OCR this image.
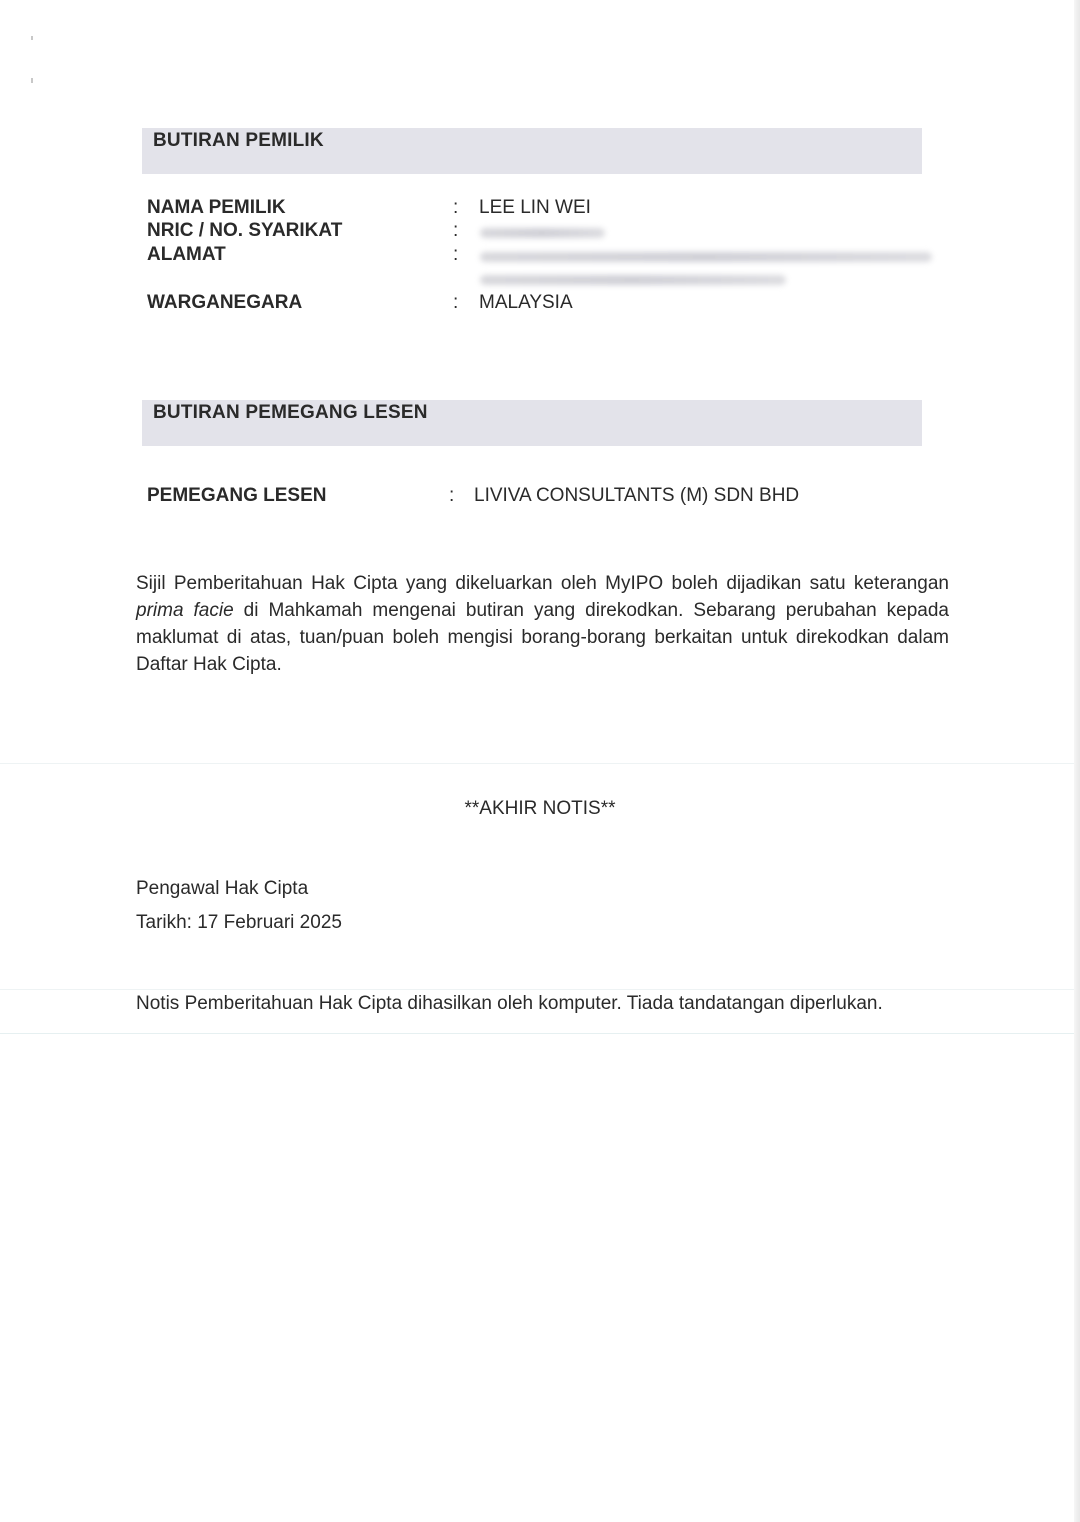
BUTIRAN PEMILIK
NAMA PEMILIK	: LEE LIN WEI
NRIC / NO. SYARIKAT	:
ALAMAT	:
WARGANEGARA	: MALAYSIA
BUTIRAN PEMEGANG LESEN
PEMEGANG LESEN	: LIVIVA CONSULTANTS (M) SDN BHD
Sijil Pemberitahuan Hak Cipta yang dikeluarkan oleh MyIPO boleh dijadikan satu keterangan
prima facie di Mahkamah mengenai butiran yang direkodkan. Sebarang perubahan kepada
maklumat di atas, tuan/puan boleh mengisi borang-borang berkaitan untuk direkodkan dalam
Daftar Hak Cipta.
**AKHIR NOTIS**
Pengawal Hak Cipta
Tarikh: 17 Februari 2025
Notis Pemberitahuan Hak Cipta dihasilkan oleh komputer. Tiada tandatangan diperlukan.
